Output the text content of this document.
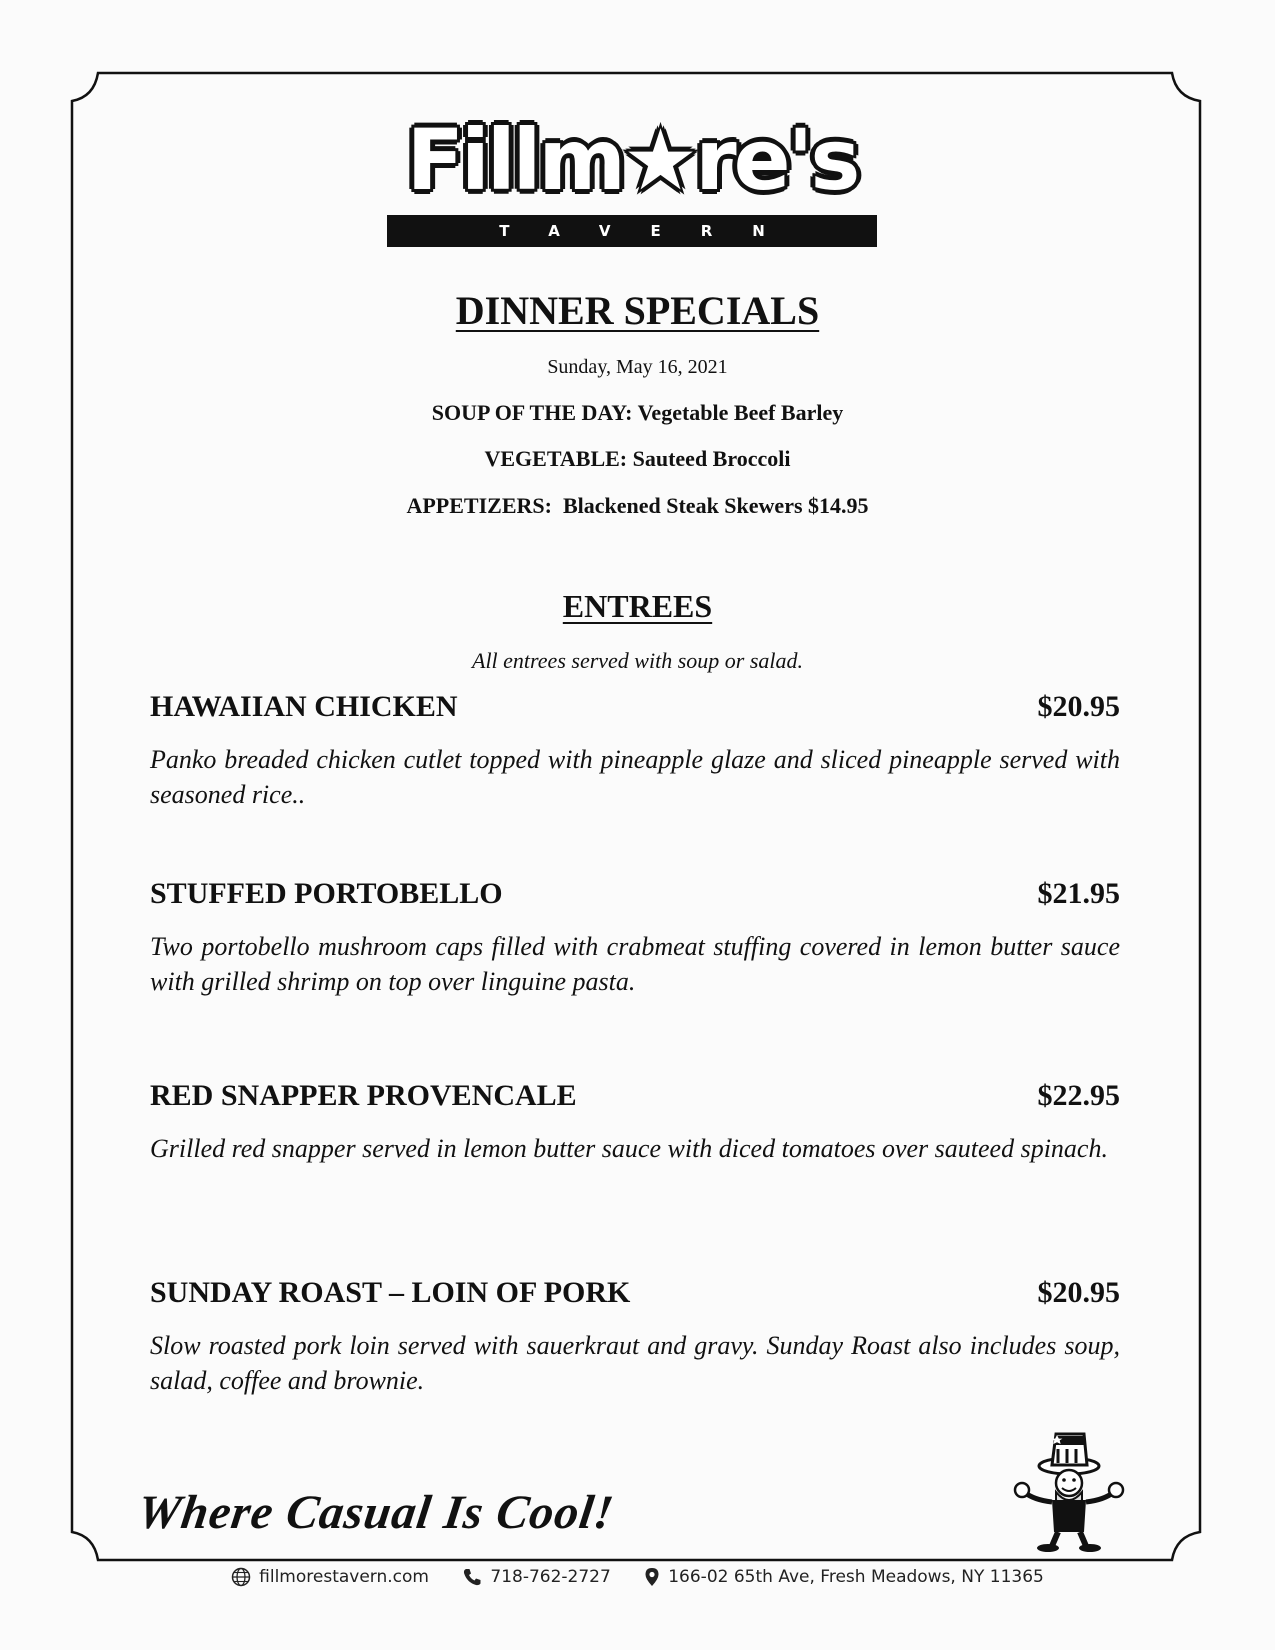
Fillm★re's
TAVERN
DINNER SPECIALS
Sunday, May 16, 2021
SOUP OF THE DAY: Vegetable Beef Barley
VEGETABLE: Sauteed Broccoli
APPETIZERS: Blackened Steak Skewers $14.95
ENTREES
All entrees served with soup or salad.
HAWAIIAN CHICKEN	$20.95
Panko breaded chicken cutlet topped with pineapple glaze and sliced pineapple served with seasoned rice..
STUFFED PORTOBELLO	$21.95
Two portobello mushroom caps filled with crabmeat stuffing covered in lemon butter sauce with grilled shrimp on top over linguine pasta.
RED SNAPPER PROVENCALE	$22.95
Grilled red snapper served in lemon butter sauce with diced tomatoes over sauteed spinach.
SUNDAY ROAST – LOIN OF PORK	$20.95
Slow roasted pork loin served with sauerkraut and gravy. Sunday Roast also includes soup, salad, coffee and brownie.
Where Casual Is Cool!
fillmorestavern.com
	718-762-2727
	166-02 65th Ave, Fresh Meadows, NY 11365
